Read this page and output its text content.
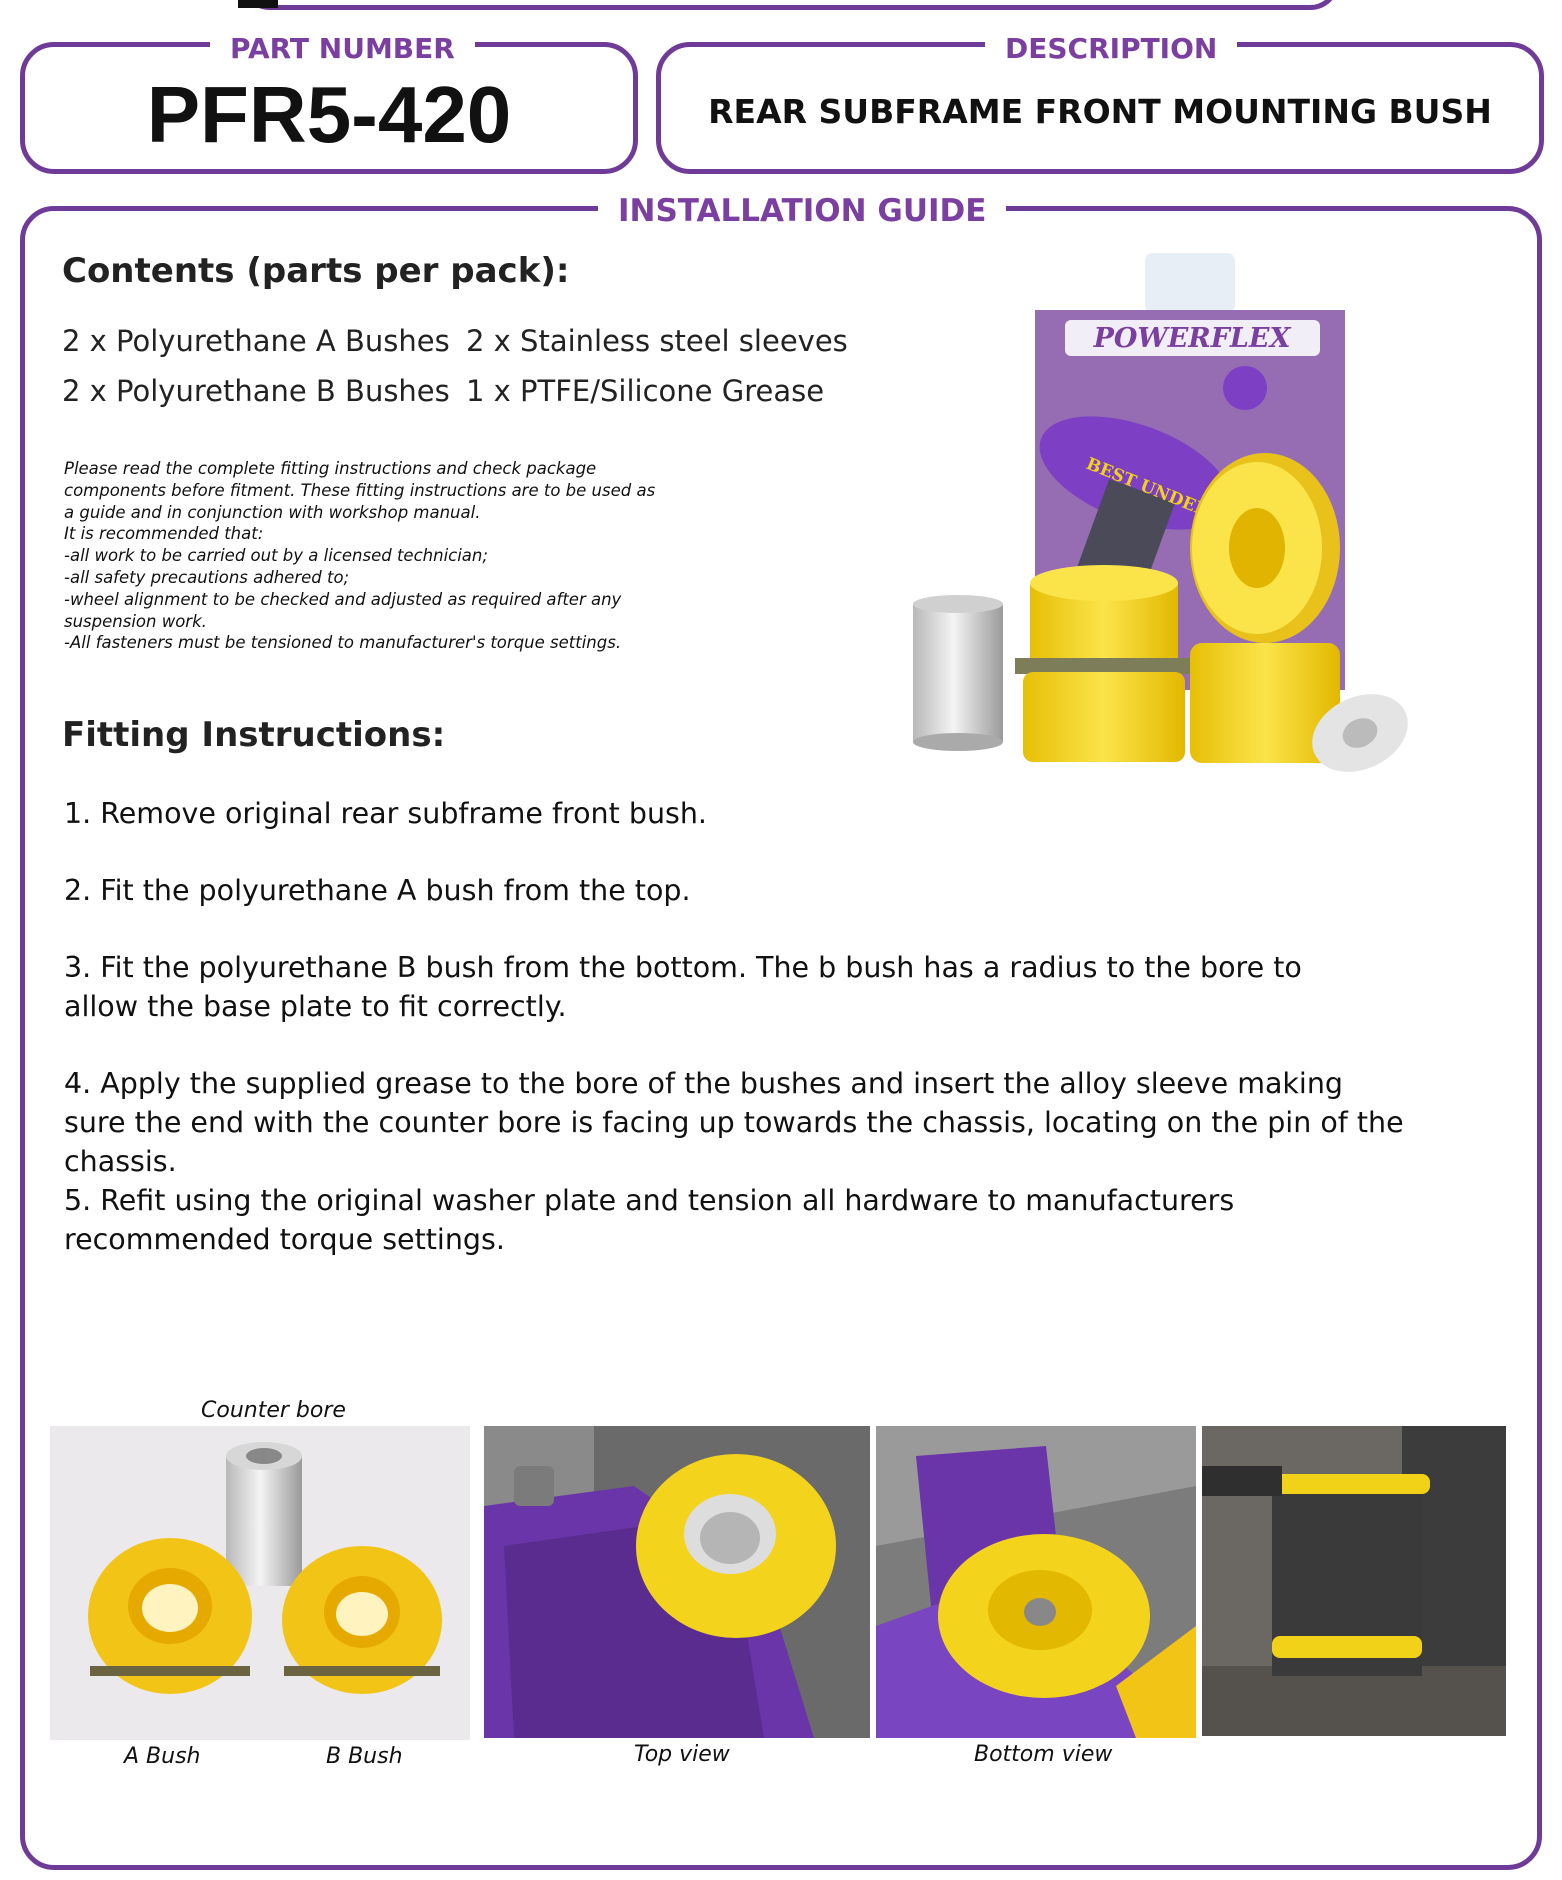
PART NUMBER
PFR5-420
DESCRIPTION
REAR SUBFRAME FRONT MOUNTING BUSH
INSTALLATION GUIDE
Contents (parts per pack):
2 x Polyurethane A Bushes 2 x Stainless steel sleeves
2 x Polyurethane B Bushes 1 x PTFE/Silicone Grease
Please read the complete fitting instructions and check package
components before fitment. These fitting instructions are to be used as
a guide and in conjunction with workshop manual.
It is recommended that:
-all work to be carried out by a licensed technician;
-all safety precautions adhered to;
-wheel alignment to be checked and adjusted as required after any
suspension work.
-All fasteners must be tensioned to manufacturer's torque settings.
Fitting Instructions:
1. Remove original rear subframe front bush.
2. Fit the polyurethane A bush from the top.
3. Fit the polyurethane B bush from the bottom. The b bush has a radius to the bore to allow the base plate to fit correctly.
4. Apply the supplied grease to the bore of the bushes and insert the alloy sleeve making sure the end with the counter bore is facing up towards the chassis, locating on the pin of the chassis.
5. Refit using the original washer plate and tension all hardware to manufacturers recommended torque settings.
POWERFLEX
BEST UNDER
Counter bore
A Bush	B Bush	Top view	Bottom view
